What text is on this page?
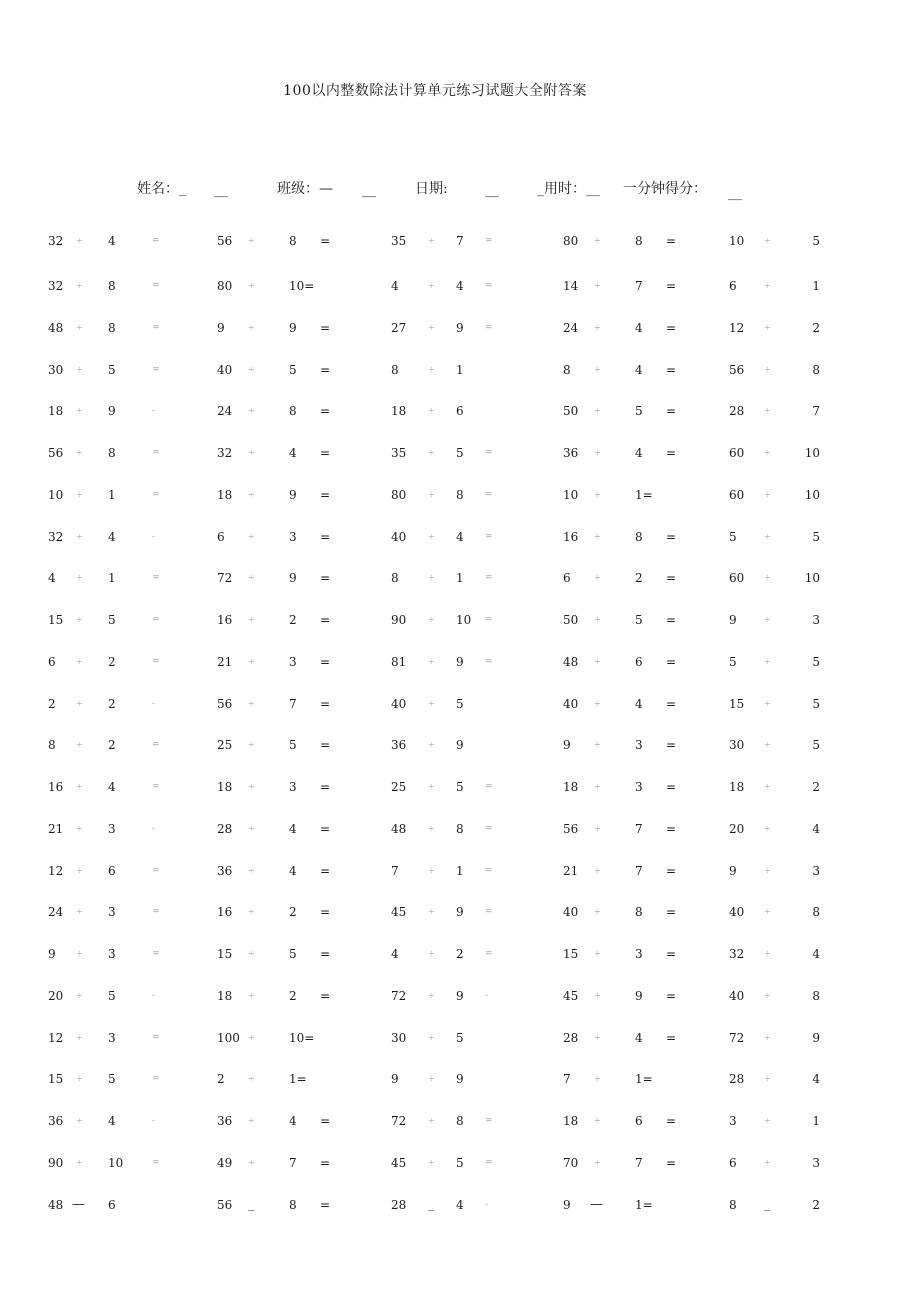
100以内整数除法计算单元练习试题大全附答案
姓名：_ __	班级：— __	日期:	__	_用时：__ 一分钟得分： __
32 ÷ 4	=	56 ÷	8 =	35	÷ 7 =	80 ÷	8 =	10 ÷	5
32 ÷ 8	=	80 ÷	10=	4	÷ 4 =	14 ÷	7 =	6	÷	1
48 ÷ 8	=	9	÷	9 =	27	÷ 9 =	24 ÷	4 =	12 ÷	2
30 ÷ 5	=	40 ÷	5 =	8	÷ 1	8	÷	4 =	56 ÷	8
18 ÷ 9	-	24 ÷	8 =	18	÷ 6	50 ÷	5 =	28 ÷	7
56 ÷ 8	=	32 ÷	4 =	35	÷ 5 =	36 ÷	4 =	60 ÷	10
10 ÷ 1	=	18 ÷	9 =	80	÷ 8 =	10 ÷	1=	60 ÷	10
32 ÷ 4	-	6	÷	3 =	40	÷ 4 =	16 ÷	8 =	5	÷	5
4	÷ 1	=	72 ÷	9 =	8	÷ 1 =	6	÷	2 =	60 ÷	10
15 ÷ 5	=	16 ÷	2 =	90	÷ 10 =	50 ÷	5 =	9	÷	3
6	÷ 2	=	21 ÷	3 =	81	÷ 9 =	48 ÷	6 =	5	÷	5
2	÷ 2	-	56 ÷	7 =	40	÷ 5	40 ÷	4 =	15 ÷	5
8	÷ 2	=	25 ÷	5 =	36	÷ 9	9	÷	3 =	30 ÷	5
16 ÷ 4	=	18 ÷	3 =	25	÷ 5 =	18 ÷	3 =	18 ÷	2
21 ÷ 3	-	28 ÷	4 =	48	÷ 8 =	56 ÷	7 =	20 ÷	4
12 ÷ 6	=	36 ÷	4 =	7	÷ 1 =	21 ÷	7 =	9	÷	3
24 ÷ 3	=	16 ÷	2 =	45	÷ 9 =	40 ÷	8 =	40 ÷	8
9	÷ 3	=	15 ÷	5 =	4	÷ 2 =	15 ÷	3 =	32 ÷	4
20 ÷ 5	-	18 ÷	2 =	72	÷ 9 -	45 ÷	9 =	40 ÷	8
12 ÷ 3	=	100 ÷	10=	30	÷ 5	28 ÷	4 =	72 ÷	9
15 ÷ 5	=	2	÷	1=	9	÷ 9	7	÷	1=	28 ÷	4
36 ÷ 4	-	36 ÷	4 =	72	÷ 8 =	18 ÷	6 =	3	÷	1
90 ÷ 10	=	49 ÷	7 =	45	÷ 5 =	70 ÷	7 =	6	÷	3
48 — 6	56 _	8 =	28 _ 4 -	9 —	1=	8 _	2
